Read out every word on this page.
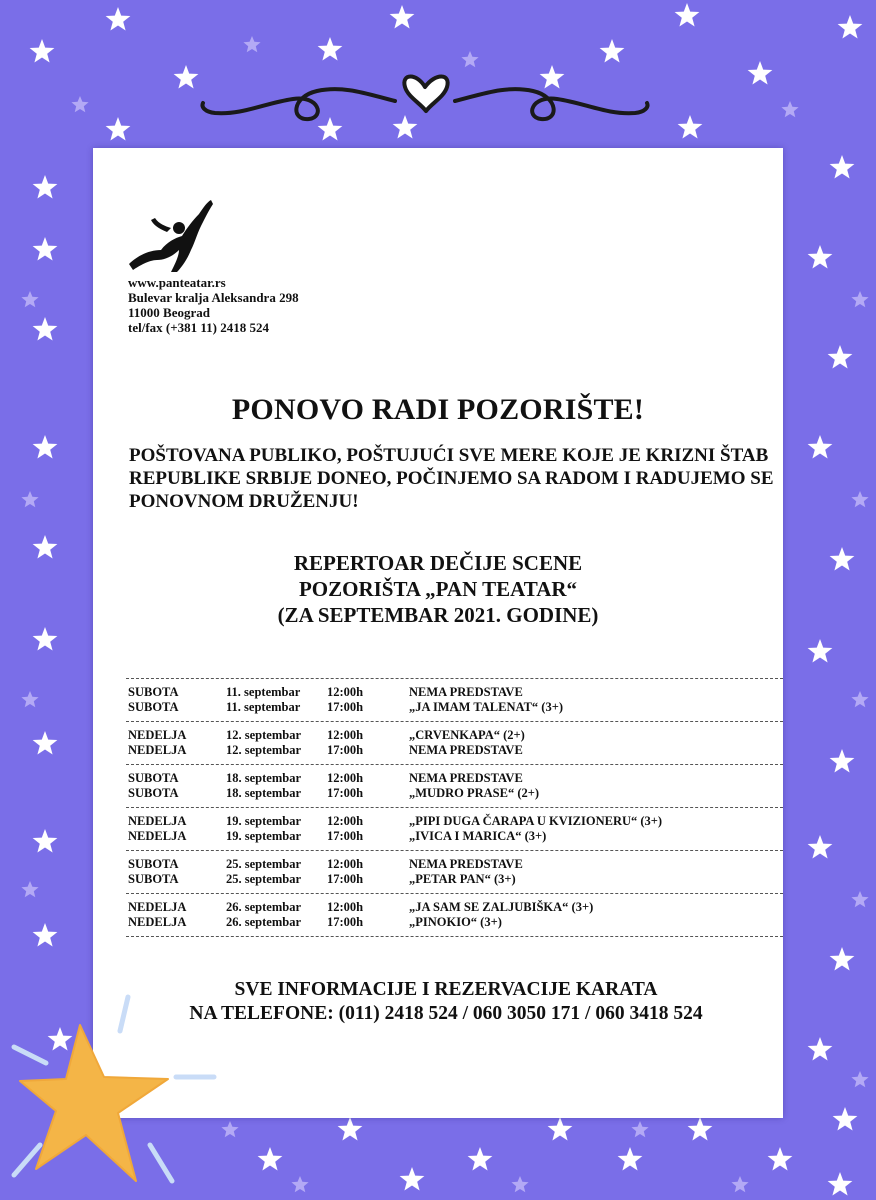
www.panteatar.rs
Bulevar kralja Aleksandra 298
11000 Beograd
tel/fax (+381 11) 2418 524
PONOVO RADI POZORIŠTE!
POŠTOVANA PUBLIKO, POŠTUJUĆI SVE MERE KOJE JE KRIZNI ŠTAB REPUBLIKE SRBIJE DONEO, POČINJEMO SA RADOM I RADUJEMO SE PONOVNOM DRUŽENJU!
REPERTOAR DEČIJE SCENE
POZORIŠTA „PAN TEATAR“
(ZA SEPTEMBAR 2021. GODINE)
SUBOTA	11. septembar 12:00h	NEMA PREDSTAVE
SUBOTA	11. septembar 17:00h	„JA IMAM TALENAT“ (3+)
NEDELJA	12. septembar 12:00h	„CRVENKAPA“ (2+)
NEDELJA	12. septembar 17:00h	NEMA PREDSTAVE
SUBOTA	18. septembar 12:00h	NEMA PREDSTAVE
SUBOTA	18. septembar 17:00h	„MUDRO PRASE“ (2+)
NEDELJA	19. septembar 12:00h	„PIPI DUGA ČARAPA U KVIZIONERU“ (3+)
NEDELJA	19. septembar 17:00h	„IVICA I MARICA“ (3+)
SUBOTA	25. septembar 12:00h	NEMA PREDSTAVE
SUBOTA	25. septembar 17:00h	„PETAR PAN“ (3+)
NEDELJA	26. septembar 12:00h	„JA SAM SE ZALJUBIŠKA“ (3+)
NEDELJA	26. septembar 17:00h	„PINOKIO“ (3+)
SVE INFORMACIJE I REZERVACIJE KARATA
NA TELEFONE: (011) 2418 524 / 060 3050 171 / 060 3418 524
